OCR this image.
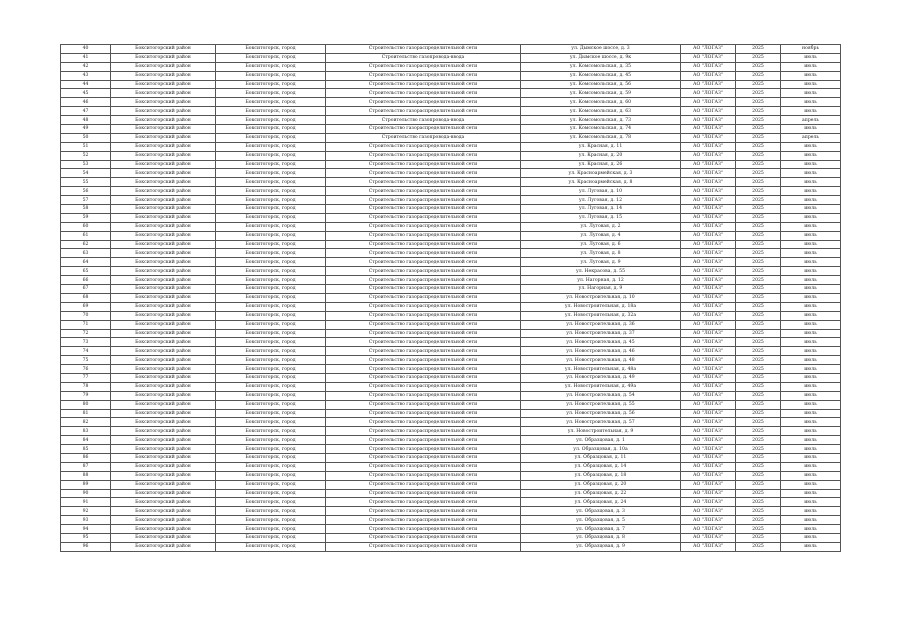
40	Бокситогорский район	Бокситогорск, город	Строительство газораспределительной сети	ул. Дымское шоссе, д. 3	АО "ЛОГАЗ"	2025	ноябрь
41	Бокситогорский район	Бокситогорск, город	Строительство газопровода-ввода	ул. Дымское шоссе, д. 9к	АО "ЛОГАЗ"	2025	июль
42	Бокситогорский район	Бокситогорск, город	Строительство газораспределительной сети	ул. Комсомольская, д. 35	АО "ЛОГАЗ"	2025	июль
43	Бокситогорский район	Бокситогорск, город	Строительство газораспределительной сети	ул. Комсомольская, д. 45	АО "ЛОГАЗ"	2025	июль
44	Бокситогорский район	Бокситогорск, город	Строительство газораспределительной сети	ул. Комсомольская, д. 56	АО "ЛОГАЗ"	2025	июль
45	Бокситогорский район	Бокситогорск, город	Строительство газораспределительной сети	ул. Комсомольская, д. 59	АО "ЛОГАЗ"	2025	июль
46	Бокситогорский район	Бокситогорск, город	Строительство газораспределительной сети	ул. Комсомольская, д. 60	АО "ЛОГАЗ"	2025	июль
47	Бокситогорский район	Бокситогорск, город	Строительство газораспределительной сети	ул. Комсомольская, д. 63	АО "ЛОГАЗ"	2025	июль
48	Бокситогорский район	Бокситогорск, город	Строительство газопровода-ввода	ул. Комсомольская, д. 73	АО "ЛОГАЗ"	2025	апрель
49	Бокситогорский район	Бокситогорск, город	Строительство газораспределительной сети	ул. Комсомольская, д. 74	АО "ЛОГАЗ"	2025	июль
50	Бокситогорский район	Бокситогорск, город	Строительство газопровода-ввода	ул. Комсомольская, д. 78	АО "ЛОГАЗ"	2025	апрель
51	Бокситогорский район	Бокситогорск, город	Строительство газораспределительной сети	ул. Красная, д. 11	АО "ЛОГАЗ"	2025	июль
52	Бокситогорский район	Бокситогорск, город	Строительство газораспределительной сети	ул. Красная, д. 20	АО "ЛОГАЗ"	2025	июль
53	Бокситогорский район	Бокситогорск, город	Строительство газораспределительной сети	ул. Красная, д. 26	АО "ЛОГАЗ"	2025	июль
54	Бокситогорский район	Бокситогорск, город	Строительство газораспределительной сети	ул. Красноармейская, д. 3	АО "ЛОГАЗ"	2025	июль
55	Бокситогорский район	Бокситогорск, город	Строительство газораспределительной сети	ул. Красноармейская, д. 8	АО "ЛОГАЗ"	2025	июль
56	Бокситогорский район	Бокситогорск, город	Строительство газораспределительной сети	ул. Луговая, д. 10	АО "ЛОГАЗ"	2025	июль
57	Бокситогорский район	Бокситогорск, город	Строительство газораспределительной сети	ул. Луговая, д. 12	АО "ЛОГАЗ"	2025	июль
58	Бокситогорский район	Бокситогорск, город	Строительство газораспределительной сети	ул. Луговая, д. 14	АО "ЛОГАЗ"	2025	июль
59	Бокситогорский район	Бокситогорск, город	Строительство газораспределительной сети	ул. Луговая, д. 15	АО "ЛОГАЗ"	2025	июль
60	Бокситогорский район	Бокситогорск, город	Строительство газораспределительной сети	ул. Луговая, д. 2	АО "ЛОГАЗ"	2025	июль
61	Бокситогорский район	Бокситогорск, город	Строительство газораспределительной сети	ул. Луговая, д. 4	АО "ЛОГАЗ"	2025	июль
62	Бокситогорский район	Бокситогорск, город	Строительство газораспределительной сети	ул. Луговая, д. 6	АО "ЛОГАЗ"	2025	июль
63	Бокситогорский район	Бокситогорск, город	Строительство газораспределительной сети	ул. Луговая, д. 8	АО "ЛОГАЗ"	2025	июль
64	Бокситогорский район	Бокситогорск, город	Строительство газораспределительной сети	ул. Луговая, д. 9	АО "ЛОГАЗ"	2025	июль
65	Бокситогорский район	Бокситогорск, город	Строительство газораспределительной сети	ул. Некрасова, д. 55	АО "ЛОГАЗ"	2025	июль
66	Бокситогорский район	Бокситогорск, город	Строительство газораспределительной сети	ул. Нагорная, д. 12	АО "ЛОГАЗ"	2025	июль
67	Бокситогорский район	Бокситогорск, город	Строительство газораспределительной сети	ул. Нагорная, д. 9	АО "ЛОГАЗ"	2025	июль
68	Бокситогорский район	Бокситогорск, город	Строительство газораспределительной сети	ул. Новостроительная, д. 10	АО "ЛОГАЗ"	2025	июль
69	Бокситогорский район	Бокситогорск, город	Строительство газораспределительной сети	ул. Новостроительная, д. 18а	АО "ЛОГАЗ"	2025	июль
70	Бокситогорский район	Бокситогорск, город	Строительство газораспределительной сети	ул. Новостроительная, д. 32а	АО "ЛОГАЗ"	2025	июль
71	Бокситогорский район	Бокситогорск, город	Строительство газораспределительной сети	ул. Новостроительная, д. 36	АО "ЛОГАЗ"	2025	июль
72	Бокситогорский район	Бокситогорск, город	Строительство газораспределительной сети	ул. Новостроительная, д. 37	АО "ЛОГАЗ"	2025	июль
73	Бокситогорский район	Бокситогорск, город	Строительство газораспределительной сети	ул. Новостроительная, д. 45	АО "ЛОГАЗ"	2025	июль
74	Бокситогорский район	Бокситогорск, город	Строительство газораспределительной сети	ул. Новостроительная, д. 46	АО "ЛОГАЗ"	2025	июль
75	Бокситогорский район	Бокситогорск, город	Строительство газораспределительной сети	ул. Новостроительная, д. 48	АО "ЛОГАЗ"	2025	июль
76	Бокситогорский район	Бокситогорск, город	Строительство газораспределительной сети	ул. Новостроительная, д. 48а	АО "ЛОГАЗ"	2025	июль
77	Бокситогорский район	Бокситогорск, город	Строительство газораспределительной сети	ул. Новостроительная, д. 49	АО "ЛОГАЗ"	2025	июль
78	Бокситогорский район	Бокситогорск, город	Строительство газораспределительной сети	ул. Новостроительная, д. 49а	АО "ЛОГАЗ"	2025	июль
79	Бокситогорский район	Бокситогорск, город	Строительство газораспределительной сети	ул. Новостроительная, д. 54	АО "ЛОГАЗ"	2025	июль
80	Бокситогорский район	Бокситогорск, город	Строительство газораспределительной сети	ул. Новостроительная, д. 55	АО "ЛОГАЗ"	2025	июль
81	Бокситогорский район	Бокситогорск, город	Строительство газораспределительной сети	ул. Новостроительная, д. 56	АО "ЛОГАЗ"	2025	июль
82	Бокситогорский район	Бокситогорск, город	Строительство газораспределительной сети	ул. Новостроительная, д. 57	АО "ЛОГАЗ"	2025	июль
83	Бокситогорский район	Бокситогорск, город	Строительство газораспределительной сети	ул. Новостроительная, д. 9	АО "ЛОГАЗ"	2025	июль
84	Бокситогорский район	Бокситогорск, город	Строительство газораспределительной сети	ул. Образцовая, д. 1	АО "ЛОГАЗ"	2025	июль
85	Бокситогорский район	Бокситогорск, город	Строительство газораспределительной сети	ул. Образцовая, д. 10а	АО "ЛОГАЗ"	2025	июль
86	Бокситогорский район	Бокситогорск, город	Строительство газораспределительной сети	ул. Образцовая, д. 11	АО "ЛОГАЗ"	2025	июль
87	Бокситогорский район	Бокситогорск, город	Строительство газораспределительной сети	ул. Образцовая, д. 14	АО "ЛОГАЗ"	2025	июль
88	Бокситогорский район	Бокситогорск, город	Строительство газораспределительной сети	ул. Образцовая, д. 18	АО "ЛОГАЗ"	2025	июль
89	Бокситогорский район	Бокситогорск, город	Строительство газораспределительной сети	ул. Образцовая, д. 20	АО "ЛОГАЗ"	2025	июль
90	Бокситогорский район	Бокситогорск, город	Строительство газораспределительной сети	ул. Образцовая, д. 22	АО "ЛОГАЗ"	2025	июль
91	Бокситогорский район	Бокситогорск, город	Строительство газораспределительной сети	ул. Образцовая, д. 24	АО "ЛОГАЗ"	2025	июль
92	Бокситогорский район	Бокситогорск, город	Строительство газораспределительной сети	ул. Образцовая, д. 3	АО "ЛОГАЗ"	2025	июль
93	Бокситогорский район	Бокситогорск, город	Строительство газораспределительной сети	ул. Образцовая, д. 5	АО "ЛОГАЗ"	2025	июль
94	Бокситогорский район	Бокситогорск, город	Строительство газораспределительной сети	ул. Образцовая, д. 7	АО "ЛОГАЗ"	2025	июль
95	Бокситогорский район	Бокситогорск, город	Строительство газораспределительной сети	ул. Образцовая, д. 8	АО "ЛОГАЗ"	2025	июль
96	Бокситогорский район	Бокситогорск, город	Строительство газораспределительной сети	ул. Образцовая, д. 9	АО "ЛОГАЗ"	2025	июль
